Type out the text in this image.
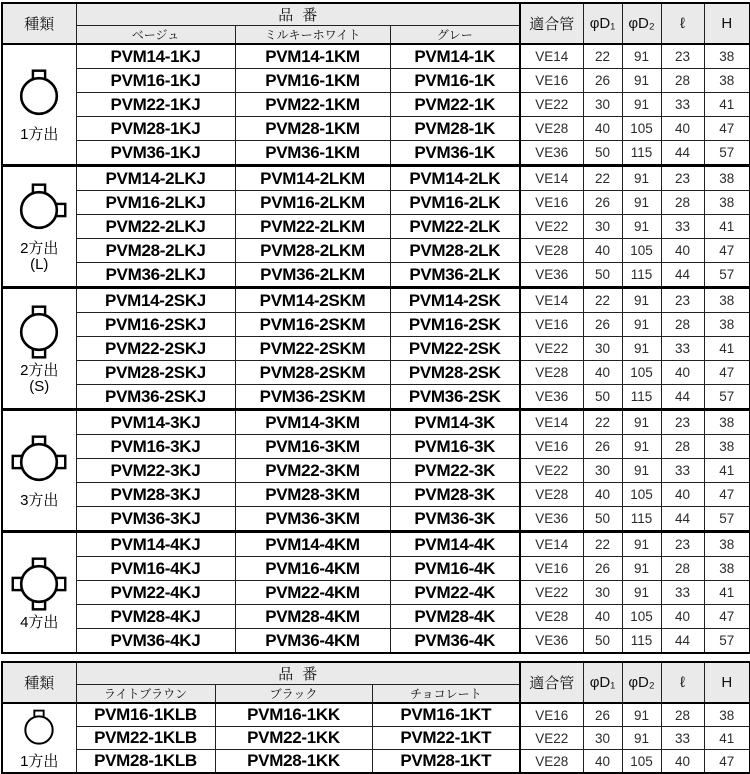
種類	品番			適合管	φD₁	φD₂	ℓ	H
	ベージュ	ミルキーホワイト	グレー					

1方出	PVM14-1KJ	PVM14-1KM	PVM14-1K	VE14	22	91	23	38
	PVM16-1KJ	PVM16-1KM	PVM16-1K	VE16	26	91	28	38
	PVM22-1KJ	PVM22-1KM	PVM22-1K	VE22	30	91	33	41
	PVM28-1KJ	PVM28-1KM	PVM28-1K	VE28	40	105	40	47
	PVM36-1KJ	PVM36-1KM	PVM36-1K	VE36	50	115	44	57

2方出
(L)	PVM14-2LKJ	PVM14-2LKM	PVM14-2LK	VE14	22	91	23	38
	PVM16-2LKJ	PVM16-2LKM	PVM16-2LK	VE16	26	91	28	38
	PVM22-2LKJ	PVM22-2LKM	PVM22-2LK	VE22	30	91	33	41
	PVM28-2LKJ	PVM28-2LKM	PVM28-2LK	VE28	40	105	40	47
	PVM36-2LKJ	PVM36-2LKM	PVM36-2LK	VE36	50	115	44	57

2方出
(S)	PVM14-2SKJ	PVM14-2SKM	PVM14-2SK	VE14	22	91	23	38
	PVM16-2SKJ	PVM16-2SKM	PVM16-2SK	VE16	26	91	28	38
	PVM22-2SKJ	PVM22-2SKM	PVM22-2SK	VE22	30	91	33	41
	PVM28-2SKJ	PVM28-2SKM	PVM28-2SK	VE28	40	105	40	47
	PVM36-2SKJ	PVM36-2SKM	PVM36-2SK	VE36	50	115	44	57

3方出	PVM14-3KJ	PVM14-3KM	PVM14-3K	VE14	22	91	23	38
	PVM16-3KJ	PVM16-3KM	PVM16-3K	VE16	26	91	28	38
	PVM22-3KJ	PVM22-3KM	PVM22-3K	VE22	30	91	33	41
	PVM28-3KJ	PVM28-3KM	PVM28-3K	VE28	40	105	40	47
	PVM36-3KJ	PVM36-3KM	PVM36-3K	VE36	50	115	44	57

4方出	PVM14-4KJ	PVM14-4KM	PVM14-4K	VE14	22	91	23	38
	PVM16-4KJ	PVM16-4KM	PVM16-4K	VE16	26	91	28	38
	PVM22-4KJ	PVM22-4KM	PVM22-4K	VE22	30	91	33	41
	PVM28-4KJ	PVM28-4KM	PVM28-4K	VE28	40	105	40	47
	PVM36-4KJ	PVM36-4KM	PVM36-4K	VE36	50	115	44	57
種類	品番			適合管	φD₁	φD₂	ℓ	H
	ライトブラウン	ブラック	チョコレート					

1方出	PVM16-1KLB	PVM16-1KK	PVM16-1KT	VE16	26	91	28	38
	PVM22-1KLB	PVM22-1KK	PVM22-1KT	VE22	30	91	33	41
	PVM28-1KLB	PVM28-1KK	PVM28-1KT	VE28	40	105	40	47
